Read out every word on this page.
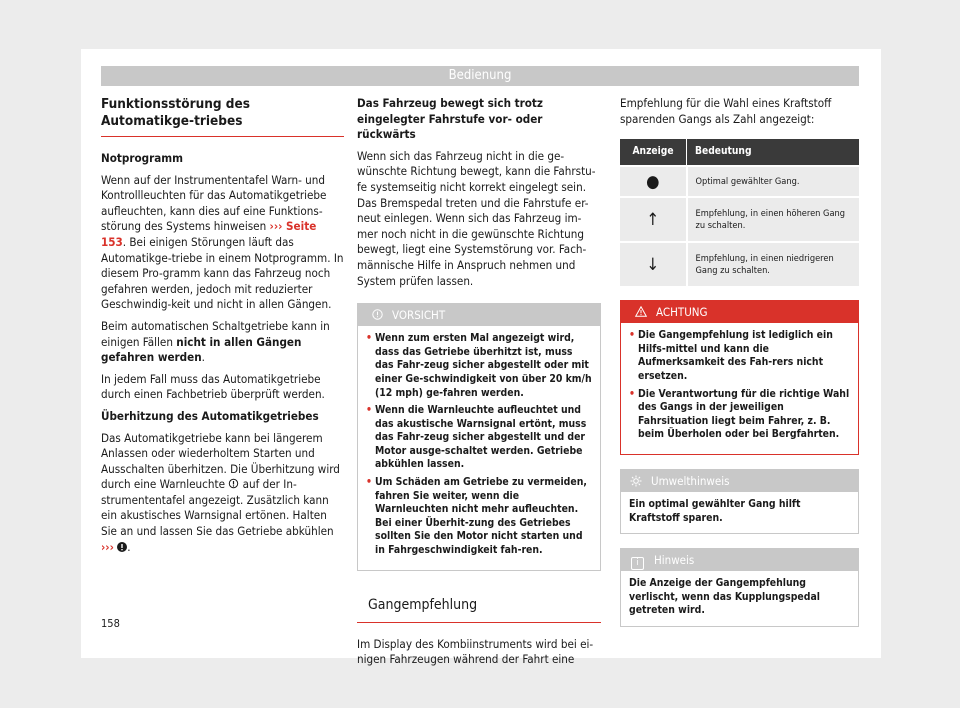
Bedienung
Funktionsstörung des Automatikge-triebes

Notprogramm

Wenn auf der Instrumententafel Warn- und Kontrollleuchten für das Automatikgetriebe aufleuchten, kann dies auf eine Funktions-störung des Systems hinweisen ››› Seite 153. Bei einigen Störungen läuft das Automatikge-triebe in einem Notprogramm. In diesem Pro-gramm kann das Fahrzeug noch gefahren werden, jedoch mit reduzierter Geschwindig-keit und nicht in allen Gängen.

Beim automatischen Schaltgetriebe kann in einigen Fällen nicht in allen Gängen gefahren werden.

In jedem Fall muss das Automatikgetriebe durch einen Fachbetrieb überprüft werden.

Überhitzung des Automatikgetriebes

Das Automatikgetriebe kann bei längerem Anlassen oder wiederholtem Starten und Ausschalten überhitzen. Die Überhitzung wird durch eine Warnleuchte  auf der In-strumententafel angezeigt. Zusätzlich kann ein akustisches Warnsignal ertönen. Halten Sie an und lassen Sie das Getriebe abkühlen ››› .

Das Fahrzeug bewegt sich trotz eingelegter Fahrstufe vor- oder rückwärts

Wenn sich das Fahrzeug nicht in die ge-wünschte Richtung bewegt, kann die Fahrstu-fe systemseitig nicht korrekt eingelegt sein. Das Bremspedal treten und die Fahrstufe er-neut einlegen. Wenn sich das Fahrzeug im-mer noch nicht in die gewünschte Richtung bewegt, liegt eine Systemstörung vor. Fach-männische Hilfe in Anspruch nehmen und System prüfen lassen.

VORSICHT
• Wenn zum ersten Mal angezeigt wird, dass das Getriebe überhitzt ist, muss das Fahr-zeug sicher abgestellt oder mit einer Ge-schwindigkeit von über 20 km/h (12 mph) ge-fahren werden.
• Wenn die Warnleuchte aufleuchtet und das akustische Warnsignal ertönt, muss das Fahr-zeug sicher abgestellt und der Motor ausge-schaltet werden. Getriebe abkühlen lassen.
• Um Schäden am Getriebe zu vermeiden, fahren Sie weiter, wenn die Warnleuchten nicht mehr aufleuchten. Bei einer Überhit-zung des Getriebes sollten Sie den Motor nicht starten und in Fahrgeschwindigkeit fah-ren.
Gangempfehlung

Im Display des Kombiinstruments wird bei ei-nigen Fahrzeugen während der Fahrt eine

Empfehlung für die Wahl eines Kraftstoff sparenden Gangs als Zahl angezeigt:

Anzeige	Bedeutung
●	Optimal gewählter Gang.
↑	Empfehlung, in einen höheren Gang zu schalten.
↓	Empfehlung, in einen niedrigeren Gang zu schalten.
ACHTUNG
• Die Gangempfehlung ist lediglich ein Hilfs-mittel und kann die Aufmerksamkeit des Fah-rers nicht ersetzen.
• Die Verantwortung für die richtige Wahl des Gangs in der jeweiligen Fahrsituation liegt beim Fahrer, z. B. beim Überholen oder bei Bergfahrten.
Umwelthinweis
Ein optimal gewählter Gang hilft Kraftstoff sparen.
i Hinweis
Die Anzeige der Gangempfehlung verlischt, wenn das Kupplungspedal getreten wird.
158
